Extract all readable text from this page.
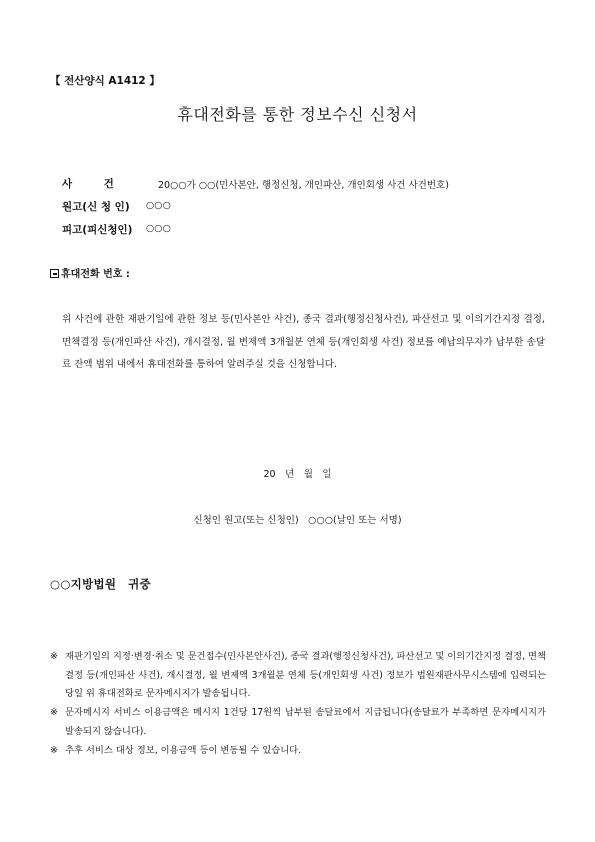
【 전산양식 A1412 】
휴대전화를 통한 정보수신 신청서
사　　　건	20○○가 ○○(민사본안, 행정신청, 개인파산, 개인회생 사건 사건번호)
원고(신 청 인) ○○○
피고(피신청인) ○○○
휴대전화 번호 :
위 사건에 관한 재판기일에 관한 정보 등(민사본안 사건), 종국 결과(행정신청사건), 파산선고 및 이의기간지정 결정, 면책결정 등(개인파산 사건), 개시결정, 월 변제액 3개월분 연체 등(개인회생 사건) 정보를 예납의무자가 납부한 송달료 잔액 범위 내에서 휴대전화를 통하여 알려주실 것을 신청합니다.
20　년　월　일
신청인 원고(또는 신청인)　○○○(날인 또는 서명)
○○지방법원　귀중
※ 재판기일의 지정·변경·취소 및 문건접수(민사본안사건), 종국 결과(행정신청사건), 파산선고 및 이의기간지정 결정, 면책결정 등(개인파산 사건), 개시결정, 월 변제액 3개월분 연체 등(개인회생 사건) 정보가 법원재판사무시스템에 입력되는 당일 위 휴대전화로 문자메시지가 발송됩니다.
※ 문자메시지 서비스 이용금액은 메시지 1건당 17원씩 납부된 송달료에서 지급됩니다(송달료가 부족하면 문자메시지가 발송되지 않습니다).
※ 추후 서비스 대상 정보, 이용금액 등이 변동될 수 있습니다.
